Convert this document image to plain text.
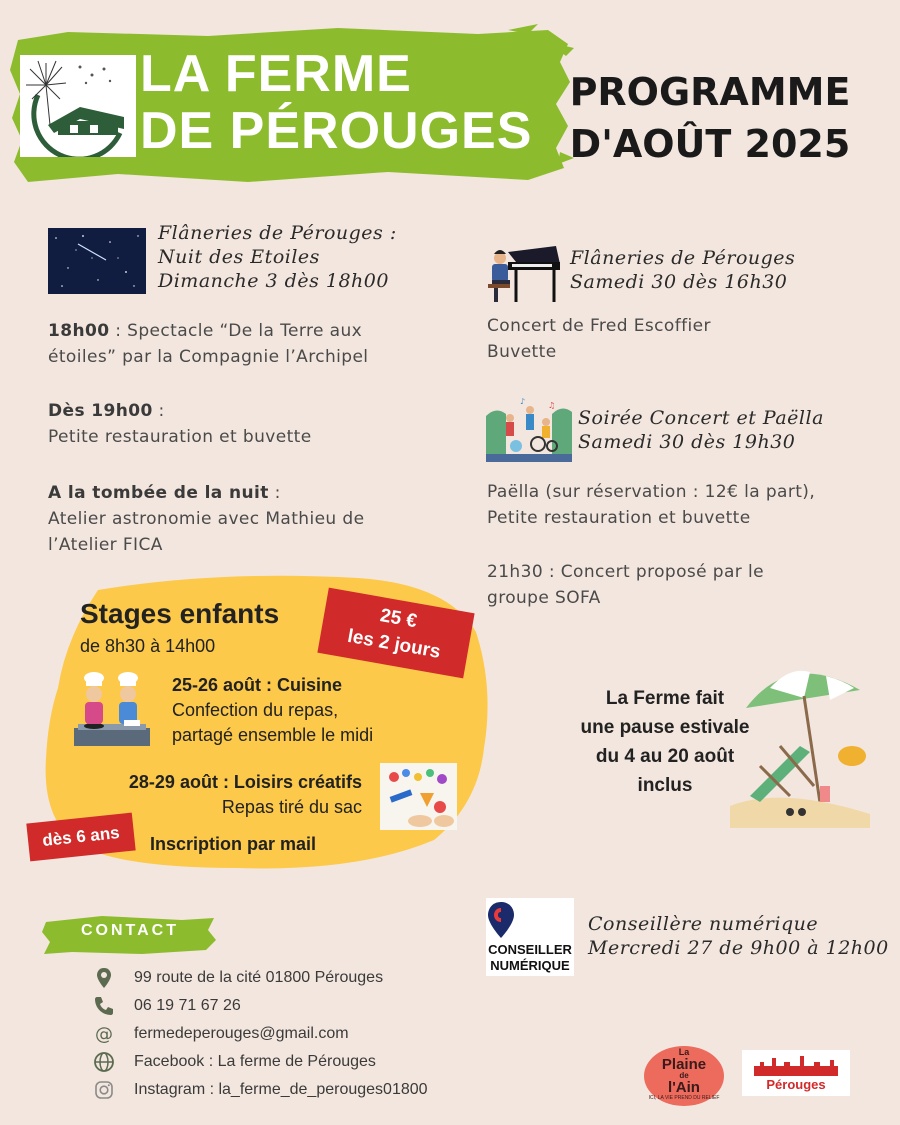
LA FERME
DE PÉROUGES
PROGRAMME
D'AOÛT 2025
Flâneries de Pérouges :
Nuit des Etoiles
Dimanche 3 dès 18h00
18h00 : Spectacle “De la Terre aux
étoiles” par la Compagnie l’Archipel
Dès 19h00 :
Petite restauration et buvette
A la tombée de la nuit :
Atelier astronomie avec Mathieu de
l’Atelier FICA
Flâneries de Pérouges
Samedi 30 dès 16h30
Concert de Fred Escoffier
Buvette
♪	♫
Soirée Concert et Paëlla
Samedi 30 dès 19h30
Paëlla (sur réservation : 12€ la part),
Petite restauration et buvette
21h30 : Concert proposé par le
groupe SOFA
Stages enfants
de 8h30 à 14h00
25 €
les 2 jours
25-26 août : Cuisine
Confection du repas,
partagé ensemble le midi
28-29 août : Loisirs créatifs
Repas tiré du sac
dès 6 ans	Inscription par mail
La Ferme fait
une pause estivale
du 4 au 20 août
inclus
CONSEILLER
NUMÉRIQUE
Conseillère numérique
Mercredi 27 de 9h00 à 12h00
CONTACT
99 route de la cité 01800 Pérouges
06 19 71 67 26
@ fermedeperouges@gmail.com
Facebook : La ferme de Pérouges
Instagram : la_ferme_de_perouges01800
La
Plaine
de
l'Ain
ICI, LA VIE PREND DU RELIEF
Pérouges
